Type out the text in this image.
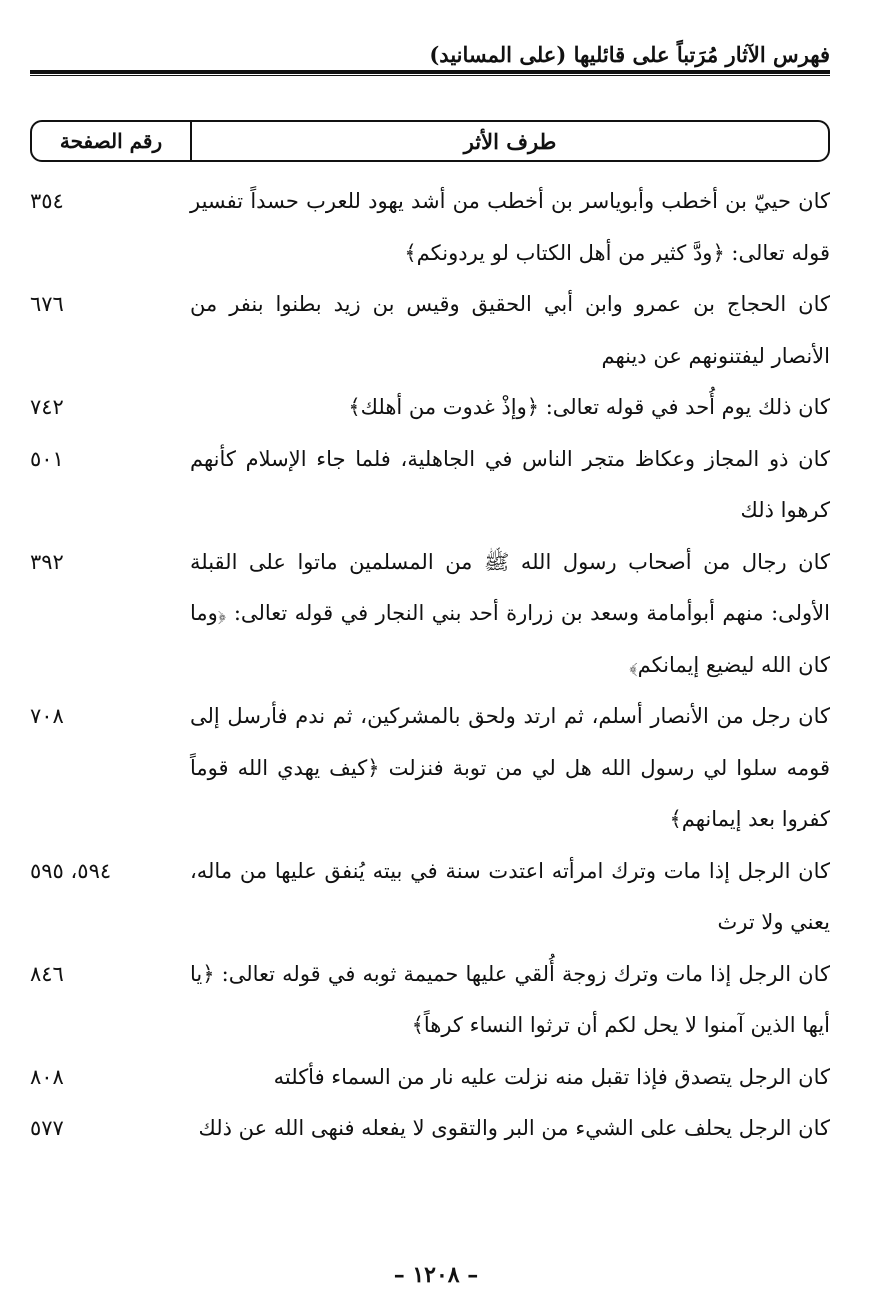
فهرس الآثار مُرَتباً على قائليها (على المسانيد)
طرف الأثر
رقم الصفحة
كان حييّ بن أخطب وأبوياسر بن أخطب من أشد يهود للعرب حسداً تفسير قوله تعالى: ﴿ودَّ كثير من أهل الكتاب لو يردونكم﴾
٣٥٤
كان الحجاج بن عمرو وابن أبي الحقيق وقيس بن زيد بطنوا بنفر من الأنصار ليفتنونهم عن دينهم
٦٧٦
كان ذلك يوم أُحد في قوله تعالى: ﴿وإذْ غدوت من أهلك﴾
٧٤٢
كان ذو المجاز وعكاظ متجر الناس في الجاهلية، فلما جاء الإسلام كأنهم كرهوا ذلك
٥٠١
كان رجال من أصحاب رسول الله ﷺ من المسلمين ماتوا على القبلة الأولى: منهم أبوأمامة وسعد بن زرارة أحد بني النجار في قوله تعالى: ﴿وما كان الله ليضيع إيمانكم﴾
٣٩٢
كان رجل من الأنصار أسلم، ثم ارتد ولحق بالمشركين، ثم ندم فأرسل إلى قومه سلوا لي رسول الله هل لي من توبة فنزلت ﴿كيف يهدي الله قوماً كفروا بعد إيمانهم﴾
٧٠٨
كان الرجل إذا مات وترك امرأته اعتدت سنة في بيته يُنفق عليها من ماله، يعني ولا ترث
٥٩٤، ٥٩٥
كان الرجل إذا مات وترك زوجة أُلقي عليها حميمة ثوبه في قوله تعالى: ﴿يا أيها الذين آمنوا لا يحل لكم أن ترثوا النساء كرهاً﴾
٨٤٦
كان الرجل يتصدق فإذا تقبل منه نزلت عليه نار من السماء فأكلته
٨٠٨
كان الرجل يحلف على الشيء من البر والتقوى لا يفعله فنهى الله عن ذلك
٥٧٧
– ١٢٠٨ –
